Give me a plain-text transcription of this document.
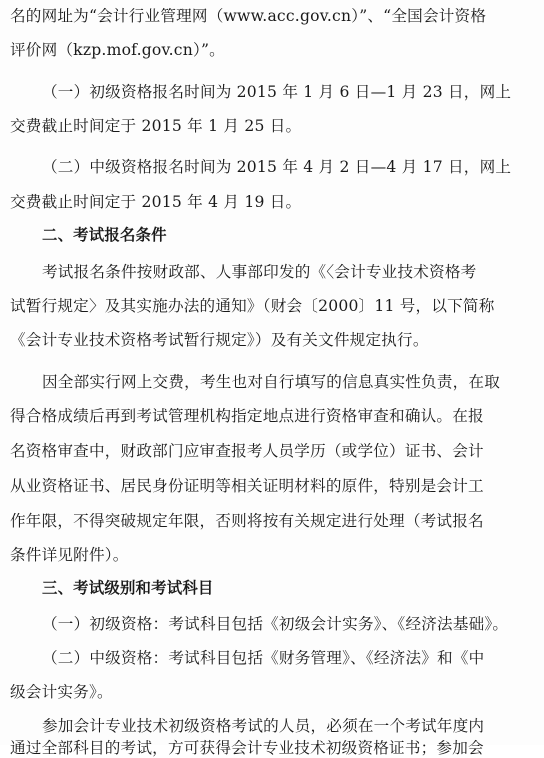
名的网址为“会计行业管理网（www.acc.gov.cn）”、“全国会计资格
评价网（kzp.mof.gov.cn）”。
（一）初级资格报名时间为 2015 年 1 月 6 日—1 月 23 日，网上
交费截止时间定于 2015 年 1 月 25 日。
（二）中级资格报名时间为 2015 年 4 月 2 日—4 月 17 日，网上
交费截止时间定于 2015 年 4 月 19 日。
二、考试报名条件
考试报名条件按财政部、人事部印发的《〈会计专业技术资格考
试暂行规定〉及其实施办法的通知》（财会〔2000〕11 号，以下简称
《会计专业技术资格考试暂行规定》）及有关文件规定执行。
因全部实行网上交费，考生也对自行填写的信息真实性负责，在取
得合格成绩后再到考试管理机构指定地点进行资格审查和确认。在报
名资格审查中，财政部门应审查报考人员学历（或学位）证书、会计
从业资格证书、居民身份证明等相关证明材料的原件，特别是会计工
作年限，不得突破规定年限，否则将按有关规定进行处理（考试报名
条件详见附件）。
三、考试级别和考试科目
（一）初级资格：考试科目包括《初级会计实务》、《经济法基础》。
（二）中级资格：考试科目包括《财务管理》、《经济法》和《中
级会计实务》。
参加会计专业技术初级资格考试的人员，必须在一个考试年度内
通过全部科目的考试，方可获得会计专业技术初级资格证书；参加会
